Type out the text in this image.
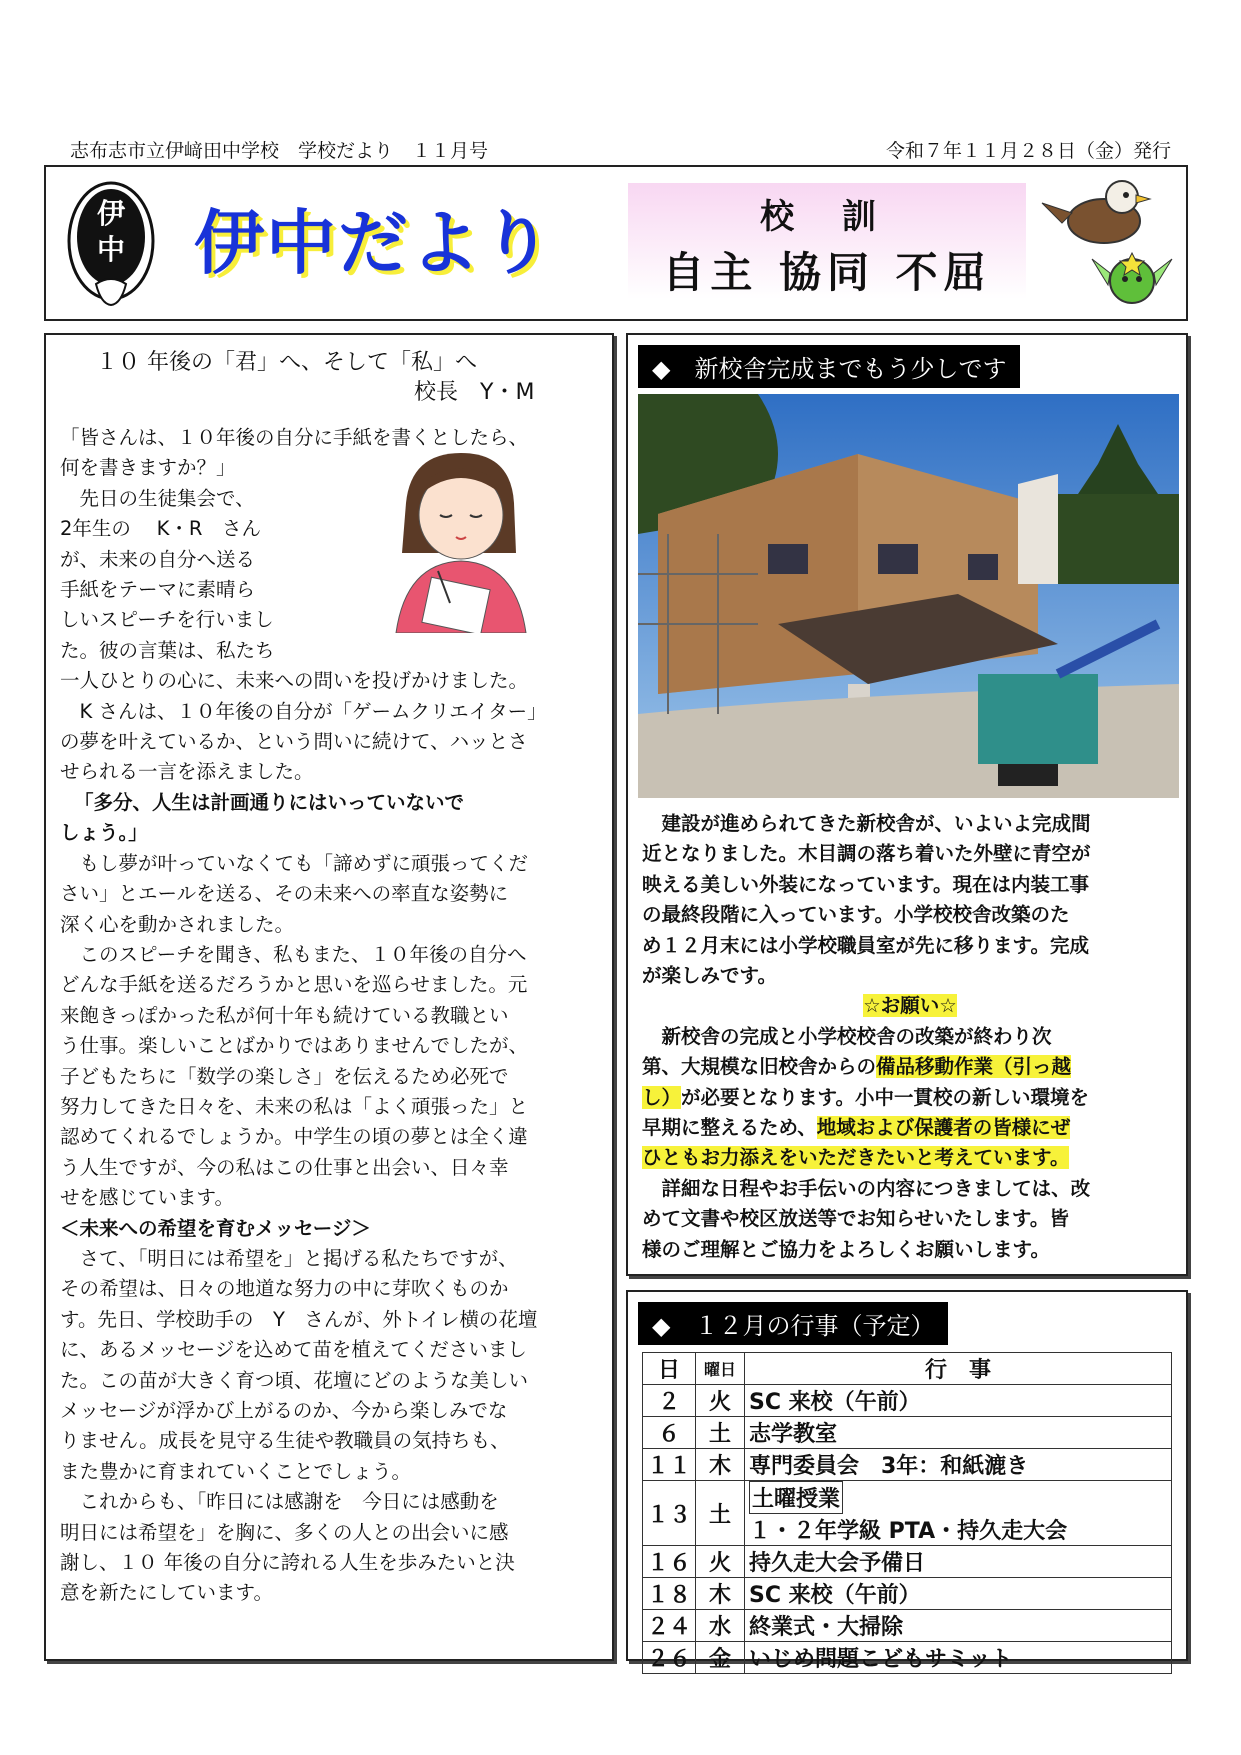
志布志市立伊﨑田中学校　学校だより　１１月号	令和７年１１月２８日（金）発行
伊
中 伊中だより	校 訓
自主 協同 不屈
１０ 年後の「君」へ、そして「私」へ
校長　Y・M

「皆さんは、１０年後の自分に手紙を書くとしたら、

何を書きますか？」

　先日の生徒集会で、

2年生の　 K・R　さん

が、未来の自分へ送る

手紙をテーマに素晴ら

しいスピーチを行いまし

た。彼の言葉は、私たち

一人ひとりの心に、未来への問いを投げかけました。

　K さんは、１０年後の自分が「ゲームクリエイター」

の夢を叶えているか、という問いに続けて、ハッとさ

せられる一言を添えました。

「多分、人生は計画通りにはいっていないで

しょう。」

　もし夢が叶っていなくても「諦めずに頑張ってくだ

さい」とエールを送る、その未来への率直な姿勢に

深く心を動かされました。

　このスピーチを聞き、私もまた、１０年後の自分へ

どんな手紙を送るだろうかと思いを巡らせました。元

来飽きっぽかった私が何十年も続けている教職とい

う仕事。楽しいことばかりではありませんでしたが、

子どもたちに「数学の楽しさ」を伝えるため必死で

努力してきた日々を、未来の私は「よく頑張った」と

認めてくれるでしょうか。中学生の頃の夢とは全く違

う人生ですが、今の私はこの仕事と出会い、日々幸

せを感じています。

＜未来への希望を育むメッセージ＞

　さて、「明日には希望を」と掲げる私たちですが、

その希望は、日々の地道な努力の中に芽吹くものか

す。先日、学校助手の　Y　さんが、外トイレ横の花壇

に、あるメッセージを込めて苗を植えてくださいまし

た。この苗が大きく育つ頃、花壇にどのような美しい

メッセージが浮かび上がるのか、今から楽しみでな

りません。成長を見守る生徒や教職員の気持ちも、

また豊かに育まれていくことでしょう。

　これからも、「昨日には感謝を　今日には感動を

明日には希望を」を胸に、多くの人との出会いに感

謝し、１０ 年後の自分に誇れる人生を歩みたいと決

意を新たにしています。

◆　新校舎完成までもう少しです

　建設が進められてきた新校舎が、いよいよ完成間

近となりました。木目調の落ち着いた外壁に青空が

映える美しい外装になっています。現在は内装工事

の最終段階に入っています。小学校校舎改築のた

め１２月末には小学校職員室が先に移ります。完成

が楽しみです。

☆お願い☆

　新校舎の完成と小学校校舎の改築が終わり次

第、大規模な旧校舎からの備品移動作業（引っ越

し）が必要となります。小中一貫校の新しい環境を

早期に整えるため、地域および保護者の皆様にぜ

ひともお力添えをいただきたいと考えています。

　詳細な日程やお手伝いの内容につきましては、改

めて文書や校区放送等でお知らせいたします。皆

様のご理解とご協力をよろしくお願いします。

◆　１２月の行事（予定）
日	曜日	行　事
２	火	SC 来校（午前）
６	土	志学教室
１１	木	専門委員会　3年：和紙漉き
１３	土	土曜授業
１・２年学級 PTA・持久走大会
１６	火	持久走大会予備日
１８	木	SC 来校（午前）
２４	水	終業式・大掃除
２６	金	いじめ問題こどもサミット
